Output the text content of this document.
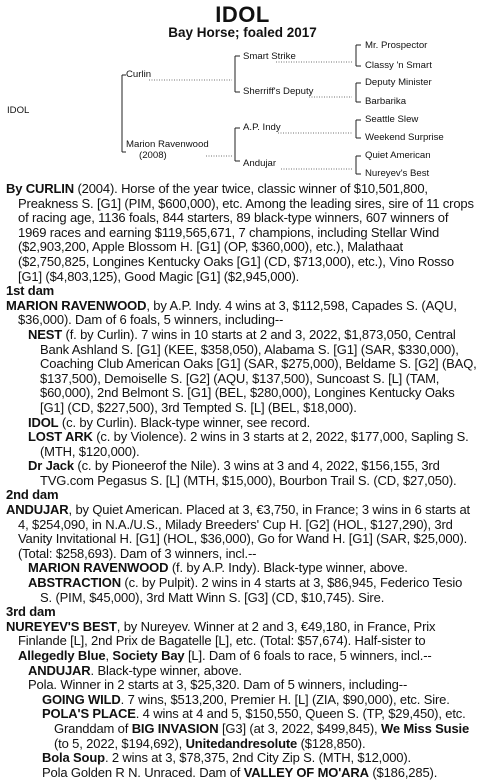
IDOL
Bay Horse; foaled 2017
IDOL
Curlin
Marion Ravenwood
(2008)
Smart Strike
Sherriff's Deputy
A.P. Indy
Andujar
Mr. Prospector
Classy 'n Smart
Deputy Minister
Barbarika
Seattle Slew
Weekend Surprise
Quiet American
Nureyev's Best

By CURLIN (2004). Horse of the year twice, classic winner of $10,501,800, Preakness S. [G1] (PIM, $600,000), etc. Among the leading sires, sire of 11 crops of racing age, 1136 foals, 844 starters, 89 black-type winners, 607 winners of 1969 races and earning $119,565,671, 7 champions, including Stellar Wind ($2,903,200, Apple Blossom H. [G1] (OP, $360,000), etc.), Malathaat ($2,750,825, Longines Kentucky Oaks [G1] (CD, $713,000), etc.), Vino Rosso [G1] ($4,803,125), Good Magic [G1] ($2,945,000).

1st dam

MARION RAVENWOOD, by A.P. Indy. 4 wins at 3, $112,598, Capades S. (AQU, $36,000). Dam of 6 foals, 5 winners, including--

NEST (f. by Curlin). 7 wins in 10 starts at 2 and 3, 2022, $1,873,050, Central Bank Ashland S. [G1] (KEE, $358,050), Alabama S. [G1] (SAR, $330,000), Coaching Club American Oaks [G1] (SAR, $275,000), Beldame S. [G2] (BAQ, $137,500), Demoiselle S. [G2] (AQU, $137,500), Suncoast S. [L] (TAM, $60,000), 2nd Belmont S. [G1] (BEL, $280,000), Longines Kentucky Oaks [G1] (CD, $227,500), 3rd Tempted S. [L] (BEL, $18,000).

IDOL (c. by Curlin). Black-type winner, see record.

LOST ARK (c. by Violence). 2 wins in 3 starts at 2, 2022, $177,000, Sapling S. (MTH, $120,000).

Dr Jack (c. by Pioneerof the Nile). 3 wins at 3 and 4, 2022, $156,155, 3rd TVG.com Pegasus S. [L] (MTH, $15,000), Bourbon Trail S. (CD, $27,050).

2nd dam

ANDUJAR, by Quiet American. Placed at 3, €3,750, in France; 3 wins in 6 starts at 4, $254,090, in N.A./U.S., Milady Breeders' Cup H. [G2] (HOL, $127,290), 3rd Vanity Invitational H. [G1] (HOL, $36,000), Go for Wand H. [G1] (SAR, $25,000). (Total: $258,693). Dam of 3 winners, incl.--

MARION RAVENWOOD (f. by A.P. Indy). Black-type winner, above.

ABSTRACTION (c. by Pulpit). 2 wins in 4 starts at 3, $86,945, Federico Tesio S. (PIM, $45,000), 3rd Matt Winn S. [G3] (CD, $10,745). Sire.

3rd dam

NUREYEV'S BEST, by Nureyev. Winner at 2 and 3, €49,180, in France, Prix Finlande [L], 2nd Prix de Bagatelle [L], etc. (Total: $57,674). Half-sister to Allegedly Blue, Society Bay [L]. Dam of 6 foals to race, 5 winners, incl.--

ANDUJAR. Black-type winner, above.

Pola. Winner in 2 starts at 3, $25,320. Dam of 5 winners, including--

GOING WILD. 7 wins, $513,200, Premier H. [L] (ZIA, $90,000), etc. Sire.

POLA'S PLACE. 4 wins at 4 and 5, $150,550, Queen S. (TP, $29,450), etc. Granddam of BIG INVASION [G3] (at 3, 2022, $499,845), We Miss Susie (to 5, 2022, $194,692), Unitedandresolute ($128,850).

Bola Soup. 2 wins at 3, $78,375, 2nd City Zip S. (MTH, $12,000).

Pola Golden R N. Unraced. Dam of VALLEY OF MO'ARA ($186,285).
